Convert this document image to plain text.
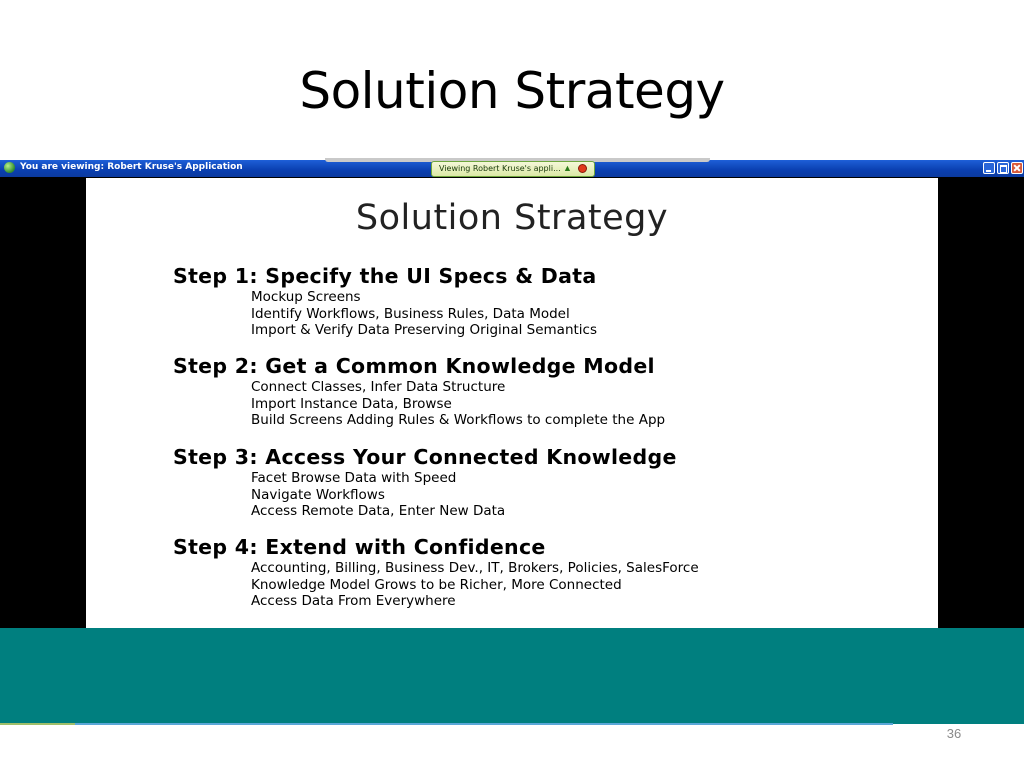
Solution Strategy
You are viewing: Robert Kruse's Application	Viewing Robert Kruse's appli... ▲
Solution Strategy
Step 1: Specify the UI Specs & Data
Mockup Screens
Identify Workflows, Business Rules, Data Model
Import & Verify Data Preserving Original Semantics
Step 2: Get a Common Knowledge Model
Connect Classes, Infer Data Structure
Import Instance Data, Browse
Build Screens Adding Rules & Workflows to complete the App
Step 3: Access Your Connected Knowledge
Facet Browse Data with Speed
Navigate Workflows
Access Remote Data, Enter New Data
Step 4: Extend with Confidence
Accounting, Billing, Business Dev., IT, Brokers, Policies, SalesForce
Knowledge Model Grows to be Richer, More Connected
Access Data From Everywhere
36
